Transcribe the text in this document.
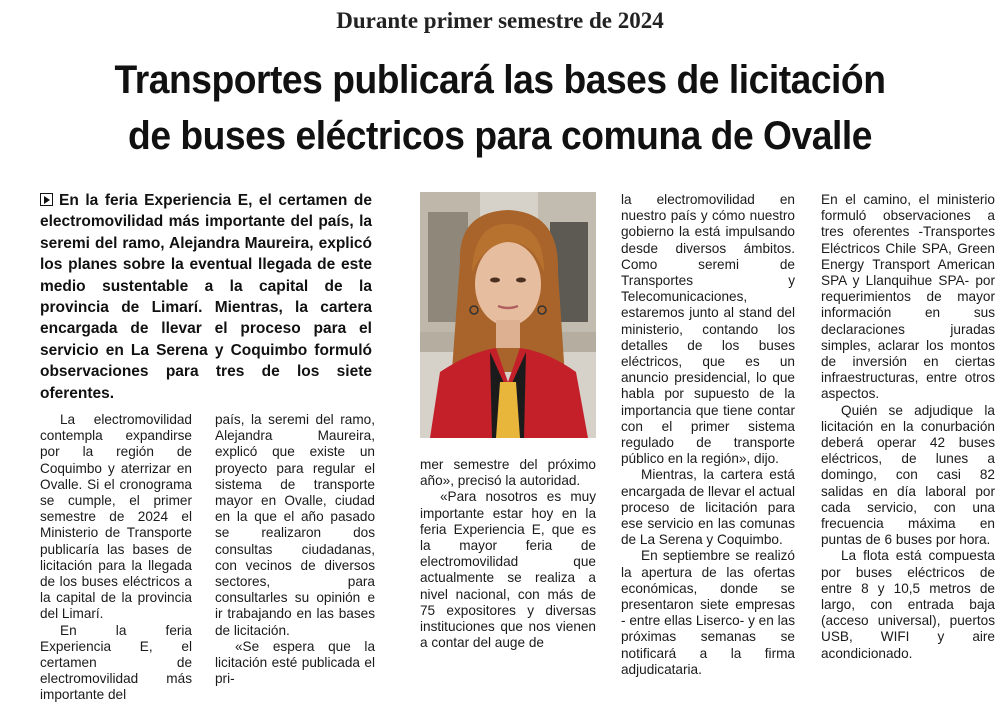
Durante primer semestre de 2024
Transportes publicará las bases de licitación
de buses eléctricos para comuna de Ovalle
En la feria Experiencia E, el certamen de electromovilidad más importante del país, la seremi del ramo, Alejandra Maureira, explicó los planes sobre la eventual llegada de este medio sustentable a la capital de la provincia de Limarí. Mientras, la cartera encargada de llevar el proceso para el servicio en La Serena y Coquimbo formuló observaciones para tres de los siete oferentes.

La electromovilidad contempla expandirse por la región de Coquimbo y aterrizar en Ovalle. Si el cronograma se cumple, el primer semestre de 2024 el Ministerio de Transporte publicaría las bases de licitación para la llegada de los buses eléctricos a la capital de la provincia del Limarí.

En la feria Experiencia E, el certamen de electromovilidad más importante del

país, la seremi del ramo, Alejandra Maureira, explicó que existe un proyecto para regular el sistema de transporte mayor en Ovalle, ciudad en la que el año pasado se realizaron dos consultas ciudadanas, con vecinos de diversos sectores, para consultarles su opinión e ir trabajando en las bases de licitación.

«Se espera que la licitación esté publicada el pri-

mer semestre del próximo año», precisó la autoridad.

«Para nosotros es muy importante estar hoy en la feria Experiencia E, que es la mayor feria de electromovilidad que actualmente se realiza a nivel nacional, con más de 75 expositores y diversas instituciones que nos vienen a contar del auge de

la electromovilidad en nuestro país y cómo nuestro gobierno la está impulsando desde diversos ámbitos. Como seremi de Transportes y Telecomunicaciones, estaremos junto al stand del ministerio, contando los detalles de los buses eléctricos, que es un anuncio presidencial, lo que habla por supuesto de la importancia que tiene contar con el primer sistema regulado de transporte público en la región», dijo.

Mientras, la cartera está encargada de llevar el actual proceso de licitación para ese servicio en las comunas de La Serena y Coquimbo.

En septiembre se realizó la apertura de las ofertas económicas, donde se presentaron siete empresas - entre ellas Liserco- y en las próximas semanas se notificará a la firma adjudicataria.

En el camino, el ministerio formuló observaciones a tres oferentes -Transportes Eléctricos Chile SPA, Green Energy Transport American SPA y Llanquihue SPA- por requerimientos de mayor información en sus declaraciones juradas simples, aclarar los montos de inversión en ciertas infraestructuras, entre otros aspectos.

Quién se adjudique la licitación en la conurbación deberá operar 42 buses eléctricos, de lunes a domingo, con casi 82 salidas en día laboral por cada servicio, con una frecuencia máxima en puntas de 6 buses por hora.

La flota está compuesta por buses eléctricos de entre 8 y 10,5 metros de largo, con entrada baja (acceso universal), puertos USB, WIFI y aire acondicionado.
